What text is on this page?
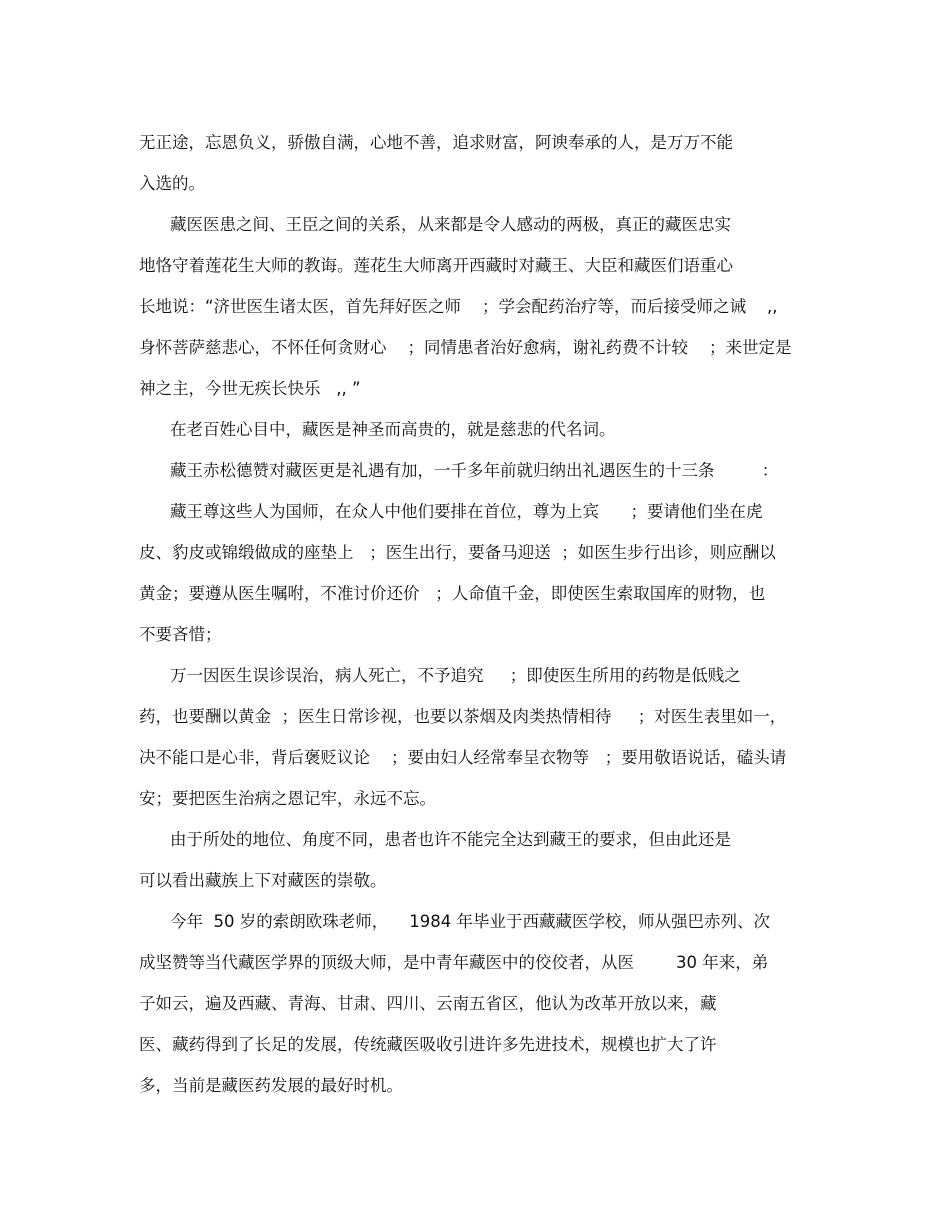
无正途，忘恩负义，骄傲自满，心地不善，追求财富，阿谀奉承的人，是万万不能
入选的。
藏医医患之间、王臣之间的关系，从来都是令人感动的两极，真正的藏医忠实
地恪守着莲花生大师的教诲。莲花生大师离开西藏时对藏王、大臣和藏医们语重心
长地说：“济世医生诸太医，首先拜好医之师    ；学会配药治疗等，而后接受师之诫    ,,
身怀菩萨慈悲心，不怀任何贪财心    ；同情患者治好愈病，谢礼药费不计较    ；来世定是
神之主，今世无疾长快乐   ,, ”
在老百姓心目中，藏医是神圣而高贵的，就是慈悲的代名词。
藏王赤松德赞对藏医更是礼遇有加，一千多年前就归纳出礼遇医生的十三条         ：
藏王尊这些人为国师，在众人中他们要排在首位，尊为上宾      ；要请他们坐在虎
皮、豹皮或锦缎做成的座垫上   ；医生出行，要备马迎送  ；如医生步行出诊，则应酬以
黄金；要遵从医生嘱咐，不准讨价还价   ；人命值千金，即使医生索取国库的财物，也
不要吝惜；
万一因医生误诊误治，病人死亡，不予追究     ；即使医生所用的药物是低贱之
药，也要酬以黄金  ；医生日常诊视，也要以茶烟及肉类热情相待     ；对医生表里如一，
决不能口是心非，背后褒贬议论    ；要由妇人经常奉呈衣物等   ；要用敬语说话，磕头请
安；要把医生治病之恩记牢，永远不忘。
由于所处的地位、角度不同，患者也许不能完全达到藏王的要求，但由此还是
可以看出藏族上下对藏医的崇敬。
今年  50 岁的索朗欧珠老师，    1984 年毕业于西藏藏医学校，师从强巴赤列、次
成坚赞等当代藏医学界的顶级大师，是中青年藏医中的佼佼者，从医        30 年来，弟
子如云，遍及西藏、青海、甘肃、四川、云南五省区，他认为改革开放以来，藏
医、藏药得到了长足的发展，传统藏医吸收引进许多先进技术，规模也扩大了许
多，当前是藏医药发展的最好时机。
